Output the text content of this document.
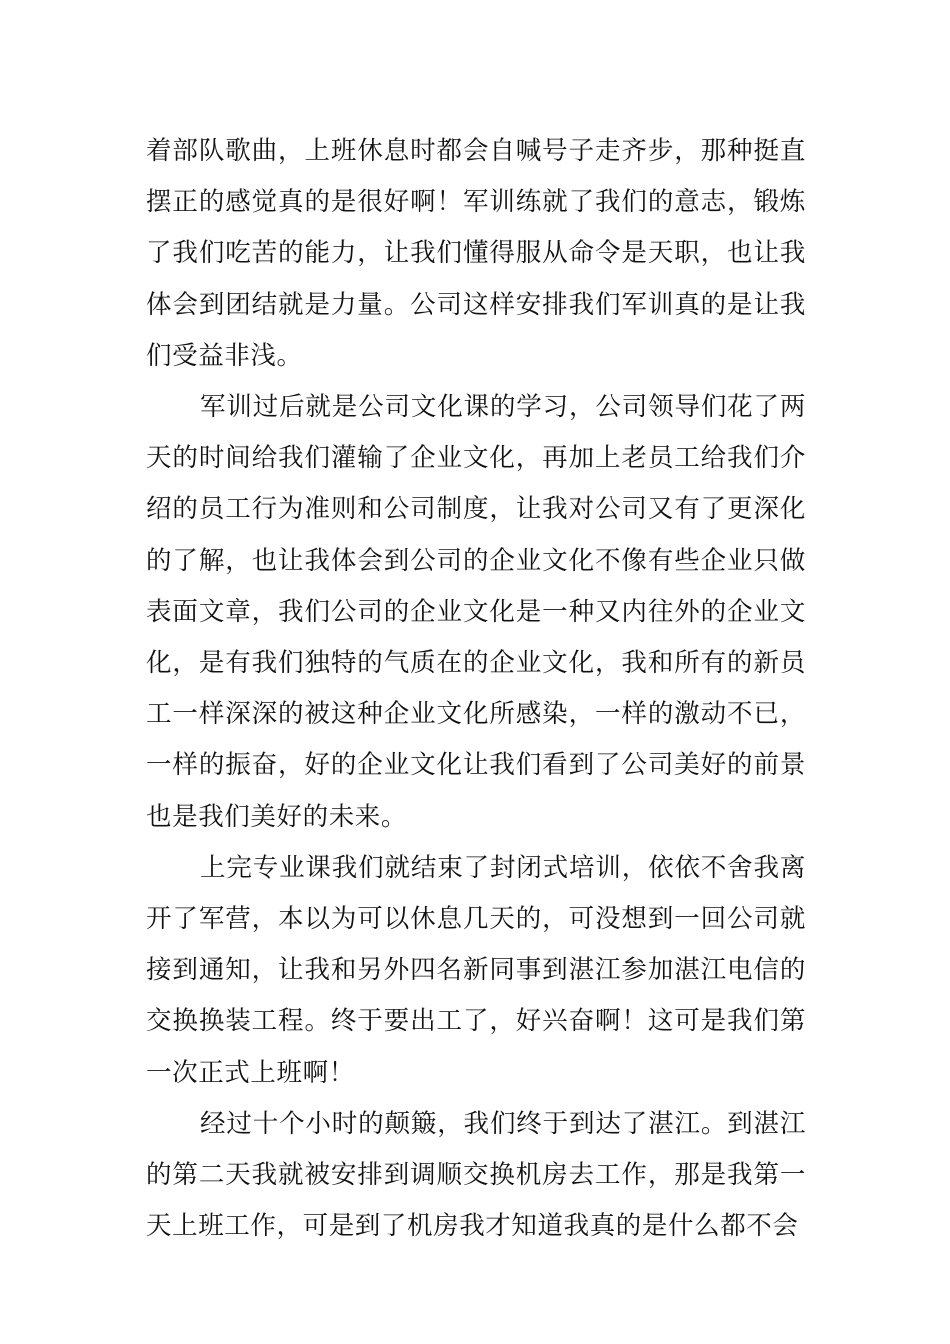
着部队歌曲，上班休息时都会自喊号子走齐步，那种挺直摆正的感觉真的是很好啊！军训练就了我们的意志，锻炼了我们吃苦的能力，让我们懂得服从命令是天职，也让我体会到团结就是力量。公司这样安排我们军训真的是让我们受益非浅。

军训过后就是公司文化课的学习，公司领导们花了两天的时间给我们灌输了企业文化，再加上老员工给我们介绍的员工行为准则和公司制度，让我对公司又有了更深化的了解，也让我体会到公司的企业文化不像有些企业只做表面文章，我们公司的企业文化是一种又内往外的企业文化，是有我们独特的气质在的企业文化，我和所有的新员工一样深深的被这种企业文化所感染，一样的激动不已，一样的振奋，好的企业文化让我们看到了公司美好的前景也是我们美好的未来。

上完专业课我们就结束了封闭式培训，依依不舍我离开了军营，本以为可以休息几天的，可没想到一回公司就接到通知，让我和另外四名新同事到湛江参加湛江电信的交换换装工程。终于要出工了，好兴奋啊！这可是我们第一次正式上班啊！

经过十个小时的颠簸，我们终于到达了湛江。到湛江的第二天我就被安排到调顺交换机房去工作，那是我第一天上班工作，可是到了机房我才知道我真的是什么都不会
